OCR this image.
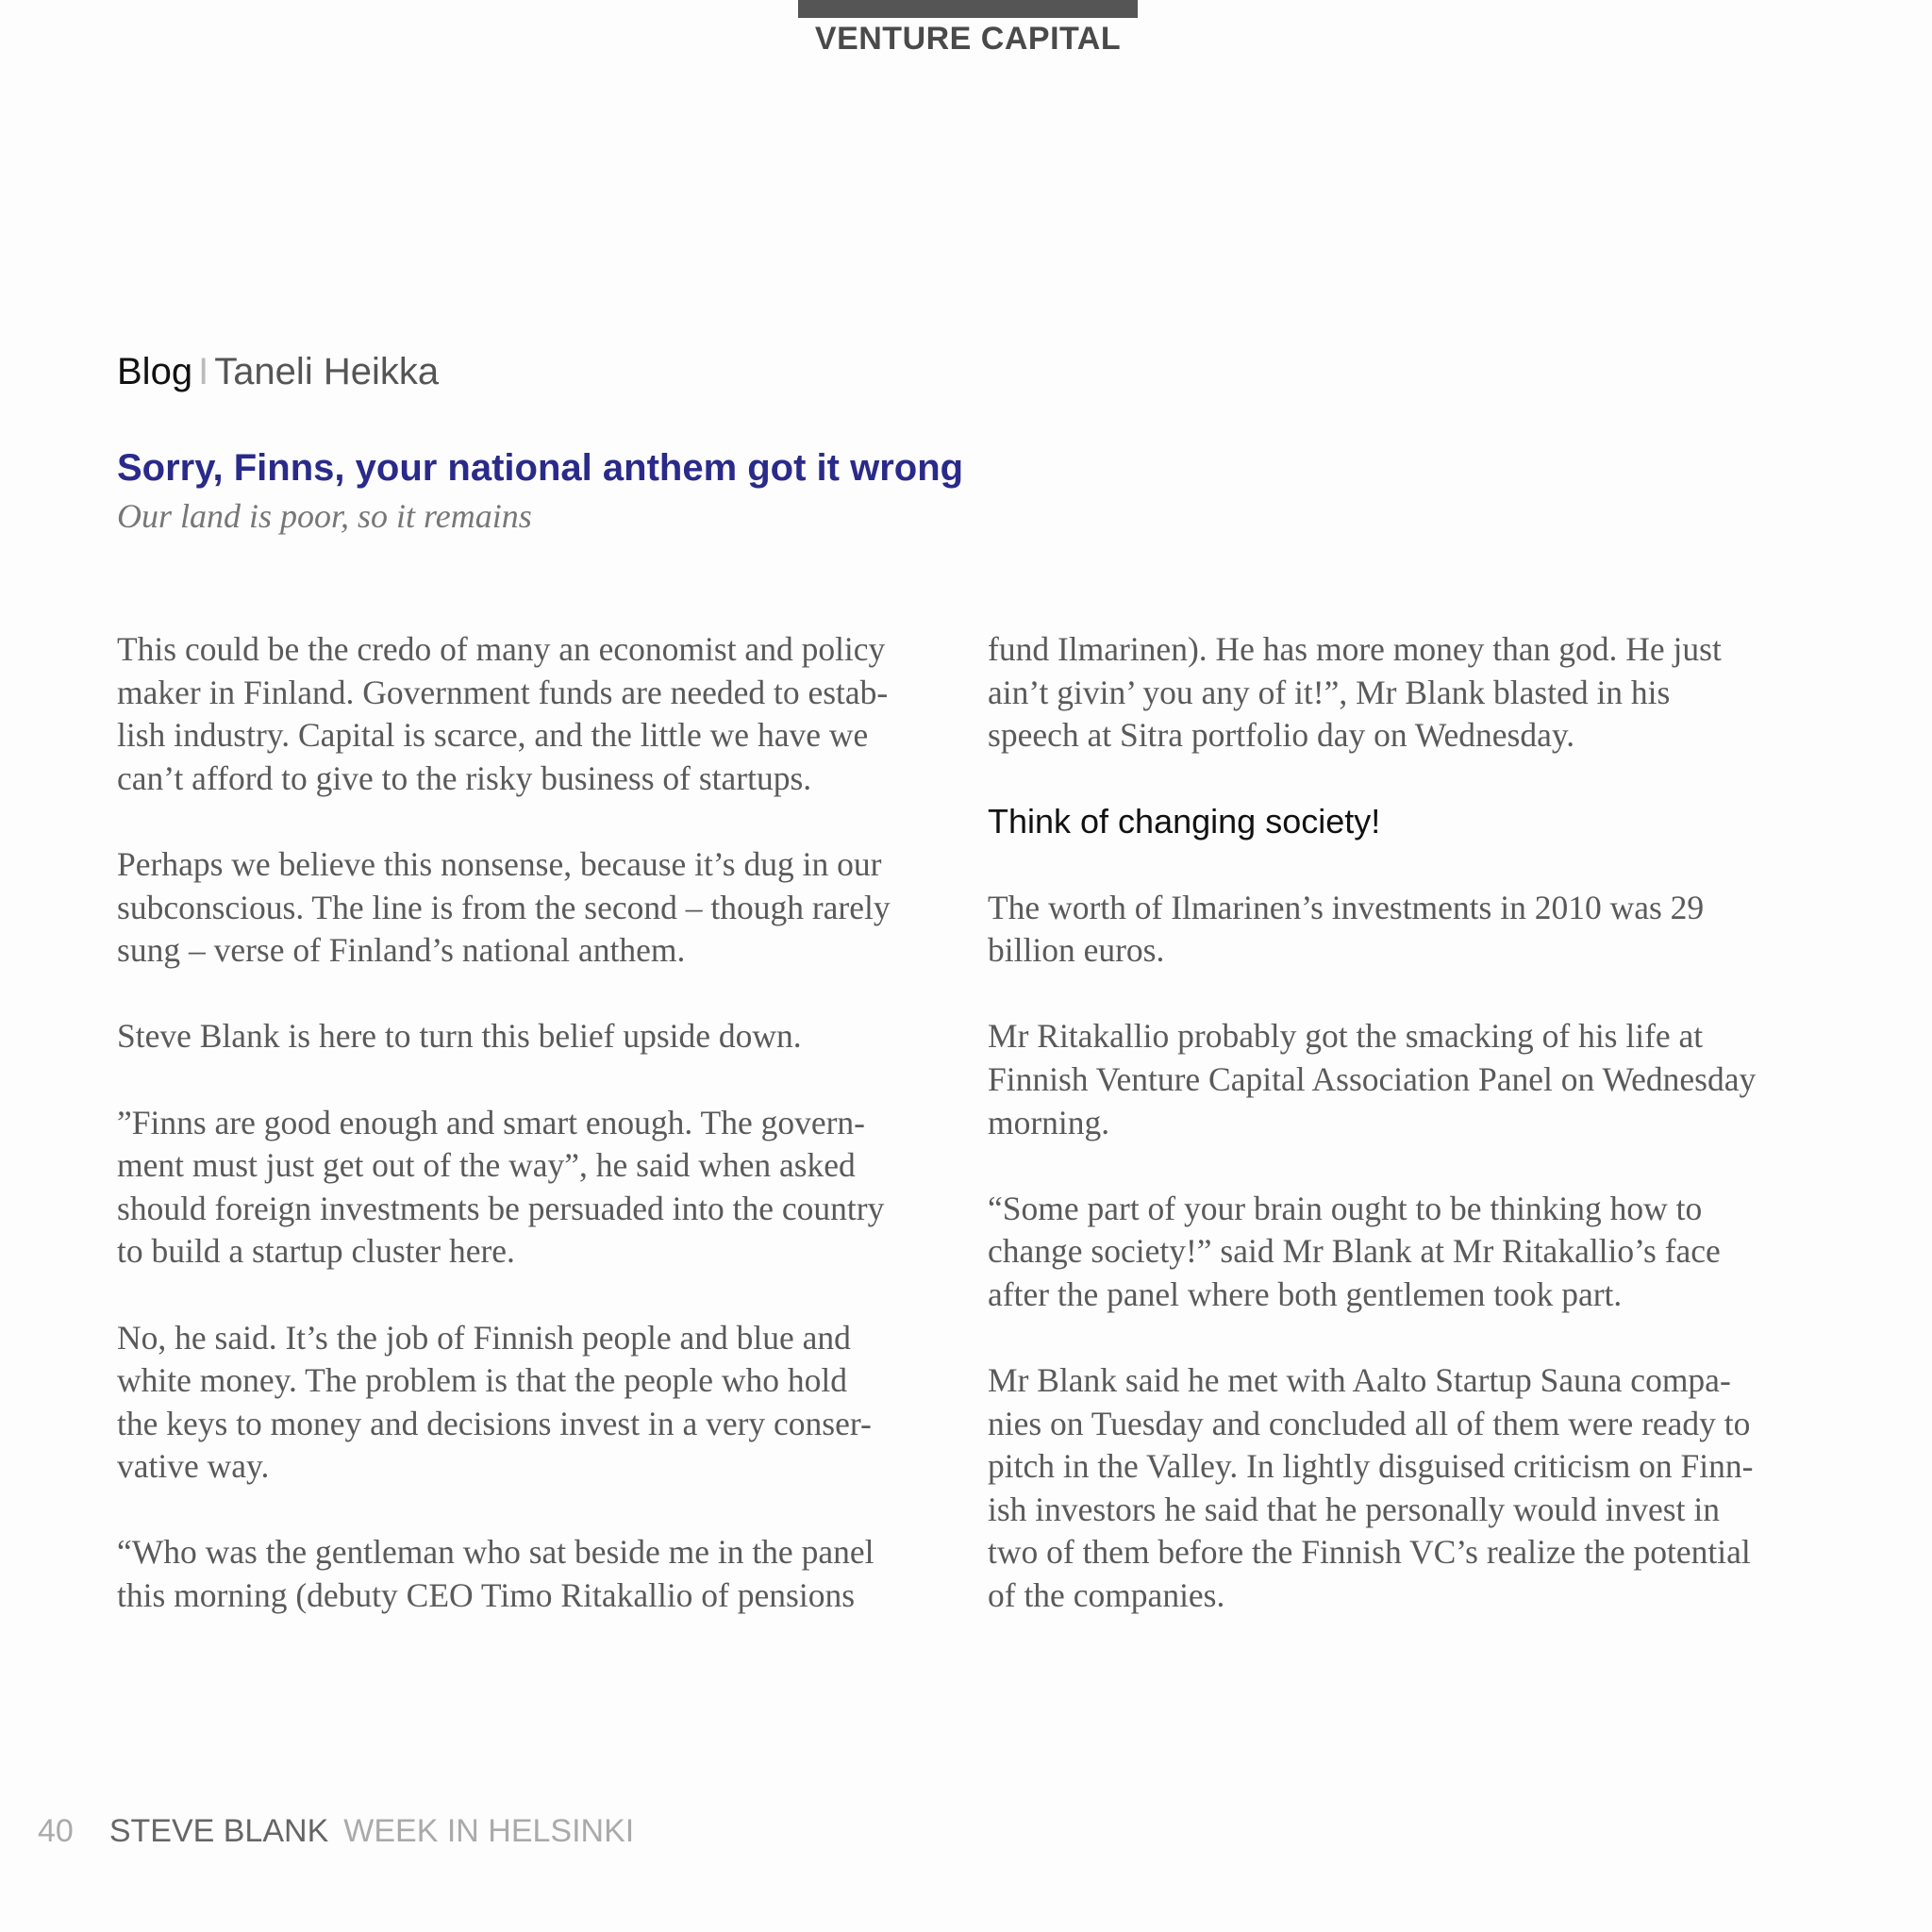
VENTURE CAPITAL
Blog I Taneli Heikka
Sorry, Finns, your national anthem got it wrong
Our land is poor, so it remains
This could be the credo of many an economist and policy
maker in Finland. Government funds are needed to estab-
lish industry. Capital is scarce, and the little we have we
can’t afford to give to the risky business of startups.
Perhaps we believe this nonsense, because it’s dug in our
subconscious. The line is from the second – though rarely
sung – verse of Finland’s national anthem.
Steve Blank is here to turn this belief upside down.
”Finns are good enough and smart enough. The govern-
ment must just get out of the way”, he said when asked
should foreign investments be persuaded into the country
to build a startup cluster here.
No, he said. It’s the job of Finnish people and blue and
white money. The problem is that the people who hold
the keys to money and decisions invest in a very conser-
vative way.
“Who was the gentleman who sat beside me in the panel
this morning (debuty CEO Timo Ritakallio of pensions
fund Ilmarinen). He has more money than god. He just
ain’t givin’ you any of it!”, Mr Blank blasted in his
speech at Sitra portfolio day on Wednesday.
Think of changing society!
The worth of Ilmarinen’s investments in 2010 was 29
billion euros.
Mr Ritakallio probably got the smacking of his life at
Finnish Venture Capital Association Panel on Wednesday
morning.
“Some part of your brain ought to be thinking how to
change society!” said Mr Blank at Mr Ritakallio’s face
after the panel where both gentlemen took part.
Mr Blank said he met with Aalto Startup Sauna compa-
nies on Tuesday and concluded all of them were ready to
pitch in the Valley. In lightly disguised criticism on Finn-
ish investors he said that he personally would invest in
two of them before the Finnish VC’s realize the potential
of the companies.
40 STEVE BLANK WEEK IN HELSINKI
